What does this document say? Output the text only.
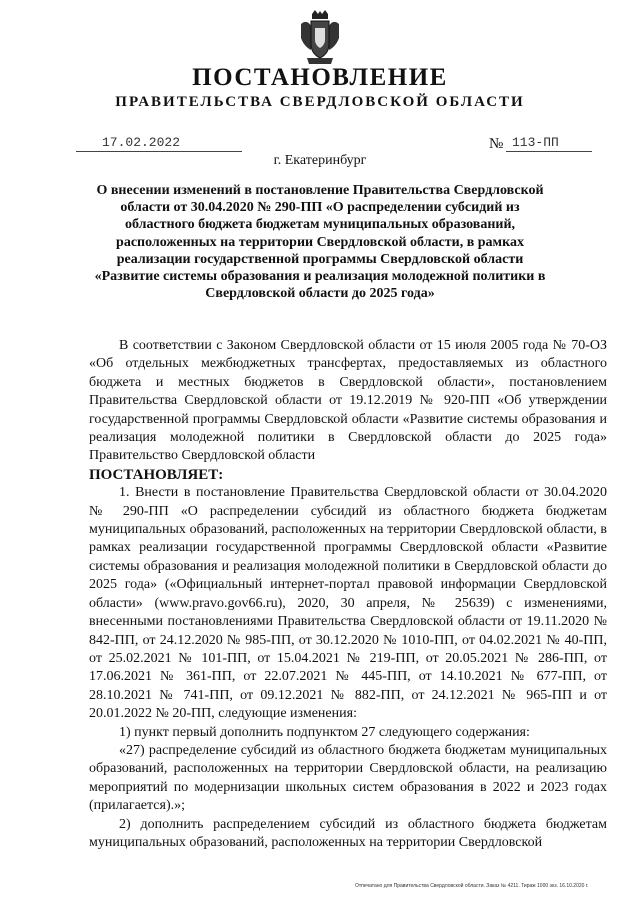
ПОСТАНОВЛЕНИЕ
ПРАВИТЕЛЬСТВА СВЕРДЛОВСКОЙ ОБЛАСТИ
17.02.2022	№ 113-ПП
г. Екатеринбург
О внесении изменений в постановление Правительства Свердловской области от 30.04.2020 № 290-ПП «О распределении субсидий из областного бюджета бюджетам муниципальных образований, расположенных на территории Свердловской области, в рамках реализации государственной программы Свердловской области «Развитие системы образования и реализация молодежной политики в Свердловской области до 2025 года»

В соответствии с Законом Свердловской области от 15 июля 2005 года № 70-ОЗ «Об отдельных межбюджетных трансфертах, предоставляемых из областного бюджета и местных бюджетов в Свердловской области», постановлением Правительства Свердловской области от 19.12.2019 № 920-ПП «Об утверждении государственной программы Свердловской области «Развитие системы образования и реализация молодежной политики в Свердловской области до 2025 года» Правительство Свердловской области

ПОСТАНОВЛЯЕТ:

1. Внести в постановление Правительства Свердловской области от 30.04.2020 № 290-ПП «О распределении субсидий из областного бюджета бюджетам муниципальных образований, расположенных на территории Свердловской области, в рамках реализации государственной программы Свердловской области «Развитие системы образования и реализация молодежной политики в Свердловской области до 2025 года» («Официальный интернет-портал правовой информации Свердловской области» (www.pravo.gov66.ru), 2020, 30 апреля, № 25639) с изменениями, внесенными постановлениями Правительства Свердловской области от 19.11.2020 № 842-ПП, от 24.12.2020 № 985-ПП, от 30.12.2020 № 1010-ПП, от 04.02.2021 № 40-ПП, от 25.02.2021 № 101-ПП, от 15.04.2021 № 219-ПП, от 20.05.2021 № 286-ПП, от 17.06.2021 № 361-ПП, от 22.07.2021 № 445-ПП, от 14.10.2021 № 677-ПП, от 28.10.2021 № 741-ПП, от 09.12.2021 № 882-ПП, от 24.12.2021 № 965-ПП и от 20.01.2022 № 20-ПП, следующие изменения:

1) пункт первый дополнить подпунктом 27 следующего содержания:

«27) распределение субсидий из областного бюджета бюджетам муниципальных образований, расположенных на территории Свердловской области, на реализацию мероприятий по модернизации школьных систем образования в 2022 и 2023 годах (прилагается).»;

2) дополнить распределением субсидий из областного бюджета бюджетам муниципальных образований, расположенных на территории Свердловской

Отпечатано для Правительства Свердловской области. Заказ № 4211. Тираж 1000 экз. 16.10.2020 г.
